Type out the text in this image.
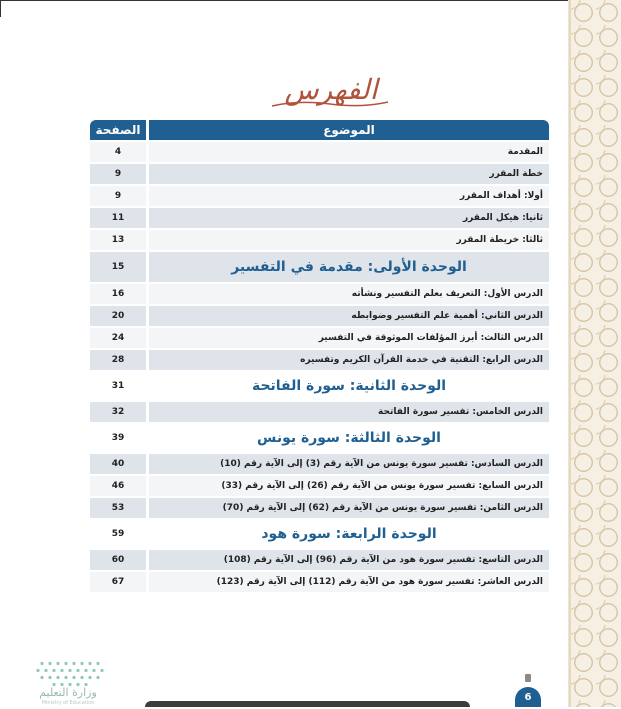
الفهرس
الموضوع	الصفحة
المقدمة	4
خطة المقرر	9
أولا: أهداف المقرر	9
ثانيا: هيكل المقرر	11
ثالثا: خريطة المقرر	13
الوحدة الأولى: مقدمة في التفسير	15
الدرس الأول: التعريف بعلم التفسير ونشأته	16
الدرس الثاني: أهمية علم التفسير وضوابطه	20
الدرس الثالث: أبرز المؤلفات الموثوقة في التفسير	24
الدرس الرابع: التقنية في خدمة القرآن الكريم وتفسيره	28
الوحدة الثانية: سورة الفاتحة	31
الدرس الخامس: تفسير سورة الفاتحة	32
الوحدة الثالثة: سورة يونس	39
الدرس السادس: تفسير سورة يونس من الآية رقم (3) إلى الآية رقم (10)	40
الدرس السابع: تفسير سورة يونس من الآية رقم (26) إلى الآية رقم (33)	46
الدرس الثامن: تفسير سورة يونس من الآية رقم (62) إلى الآية رقم (70)	53
الوحدة الرابعة: سورة هود	59
الدرس التاسع: تفسير سورة هود من الآية رقم (96) إلى الآية رقم (108)	60
الدرس العاشر: تفسير سورة هود من الآية رقم (112) إلى الآية رقم (123)	67
وزارة التعليم
Ministry of Education	6
